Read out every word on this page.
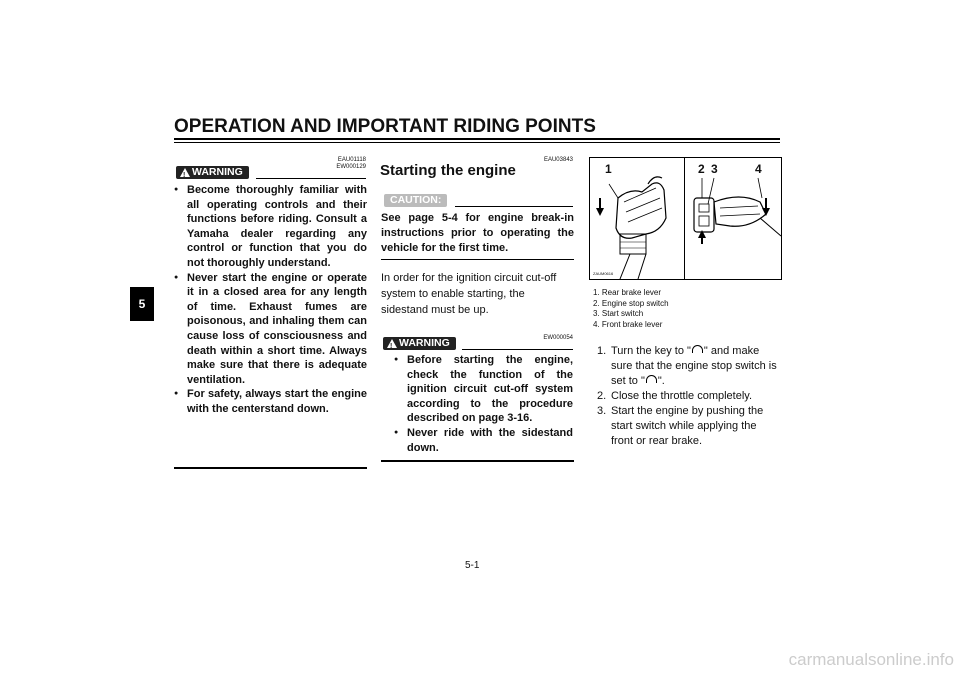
OPERATION AND IMPORTANT RIDING POINTS
5
EAU01118
EW000129
! WARNING
● Become thoroughly familiar with all operating controls and their functions before riding. Consult a Yamaha dealer regarding any control or function that you do not thoroughly understand.
● Never start the engine or operate it in a closed area for any length of time. Exhaust fumes are poisonous, and inhaling them can cause loss of consciousness and death within a short time. Always make sure that there is adequate ventilation.
● For safety, always start the engine with the centerstand down.
EAU03843
Starting the engine
CAUTION:
See page 5-4 for engine break-in instructions prior to operating the vehicle for the first time.
In order for the ignition circuit cut-off system to enable starting, the sidestand must be up.
EW000054
! WARNING
● Before starting the engine, check the function of the ignition circuit cut-off system according to the procedure described on page 3-16.
● Never ride with the sidestand down.
1	2 3	4
ZAUM0616
1. Rear brake lever
2. Engine stop switch
3. Start switch
4. Front brake lever
1. Turn the key to " " and make sure that the engine stop switch is set to " ".
2. Close the throttle completely.
3. Start the engine by pushing the start switch while applying the front or rear brake.
5-1
carmanualsonline.info
